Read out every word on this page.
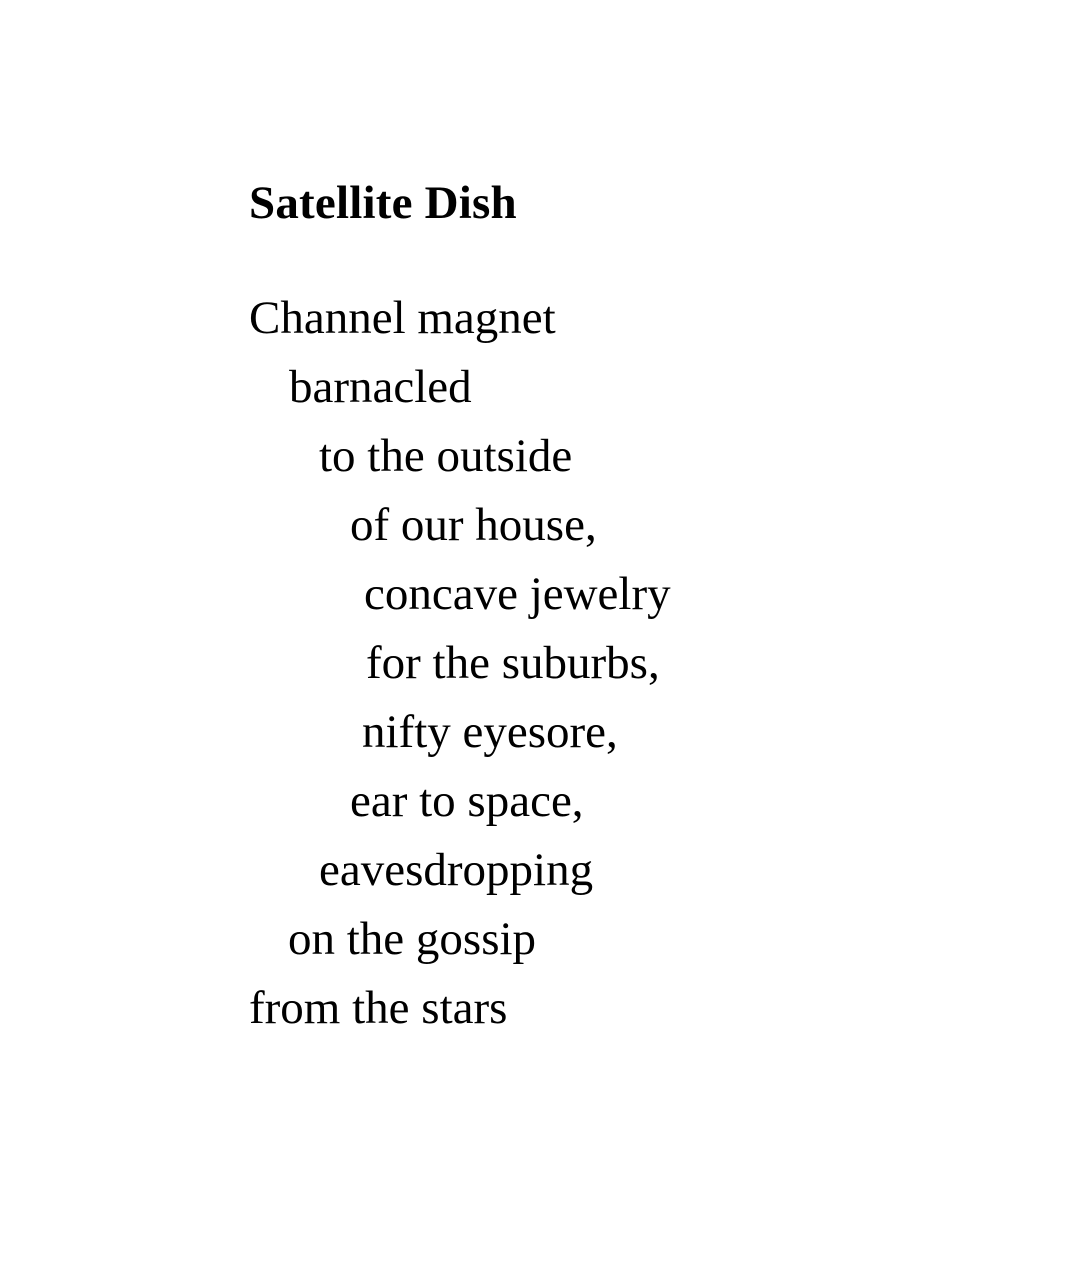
Satellite Dish
Channel magnet
barnacled
to the outside
of our house,
concave jewelry
for the suburbs,
nifty eyesore,
ear to space,
eavesdropping
on the gossip
from the stars
